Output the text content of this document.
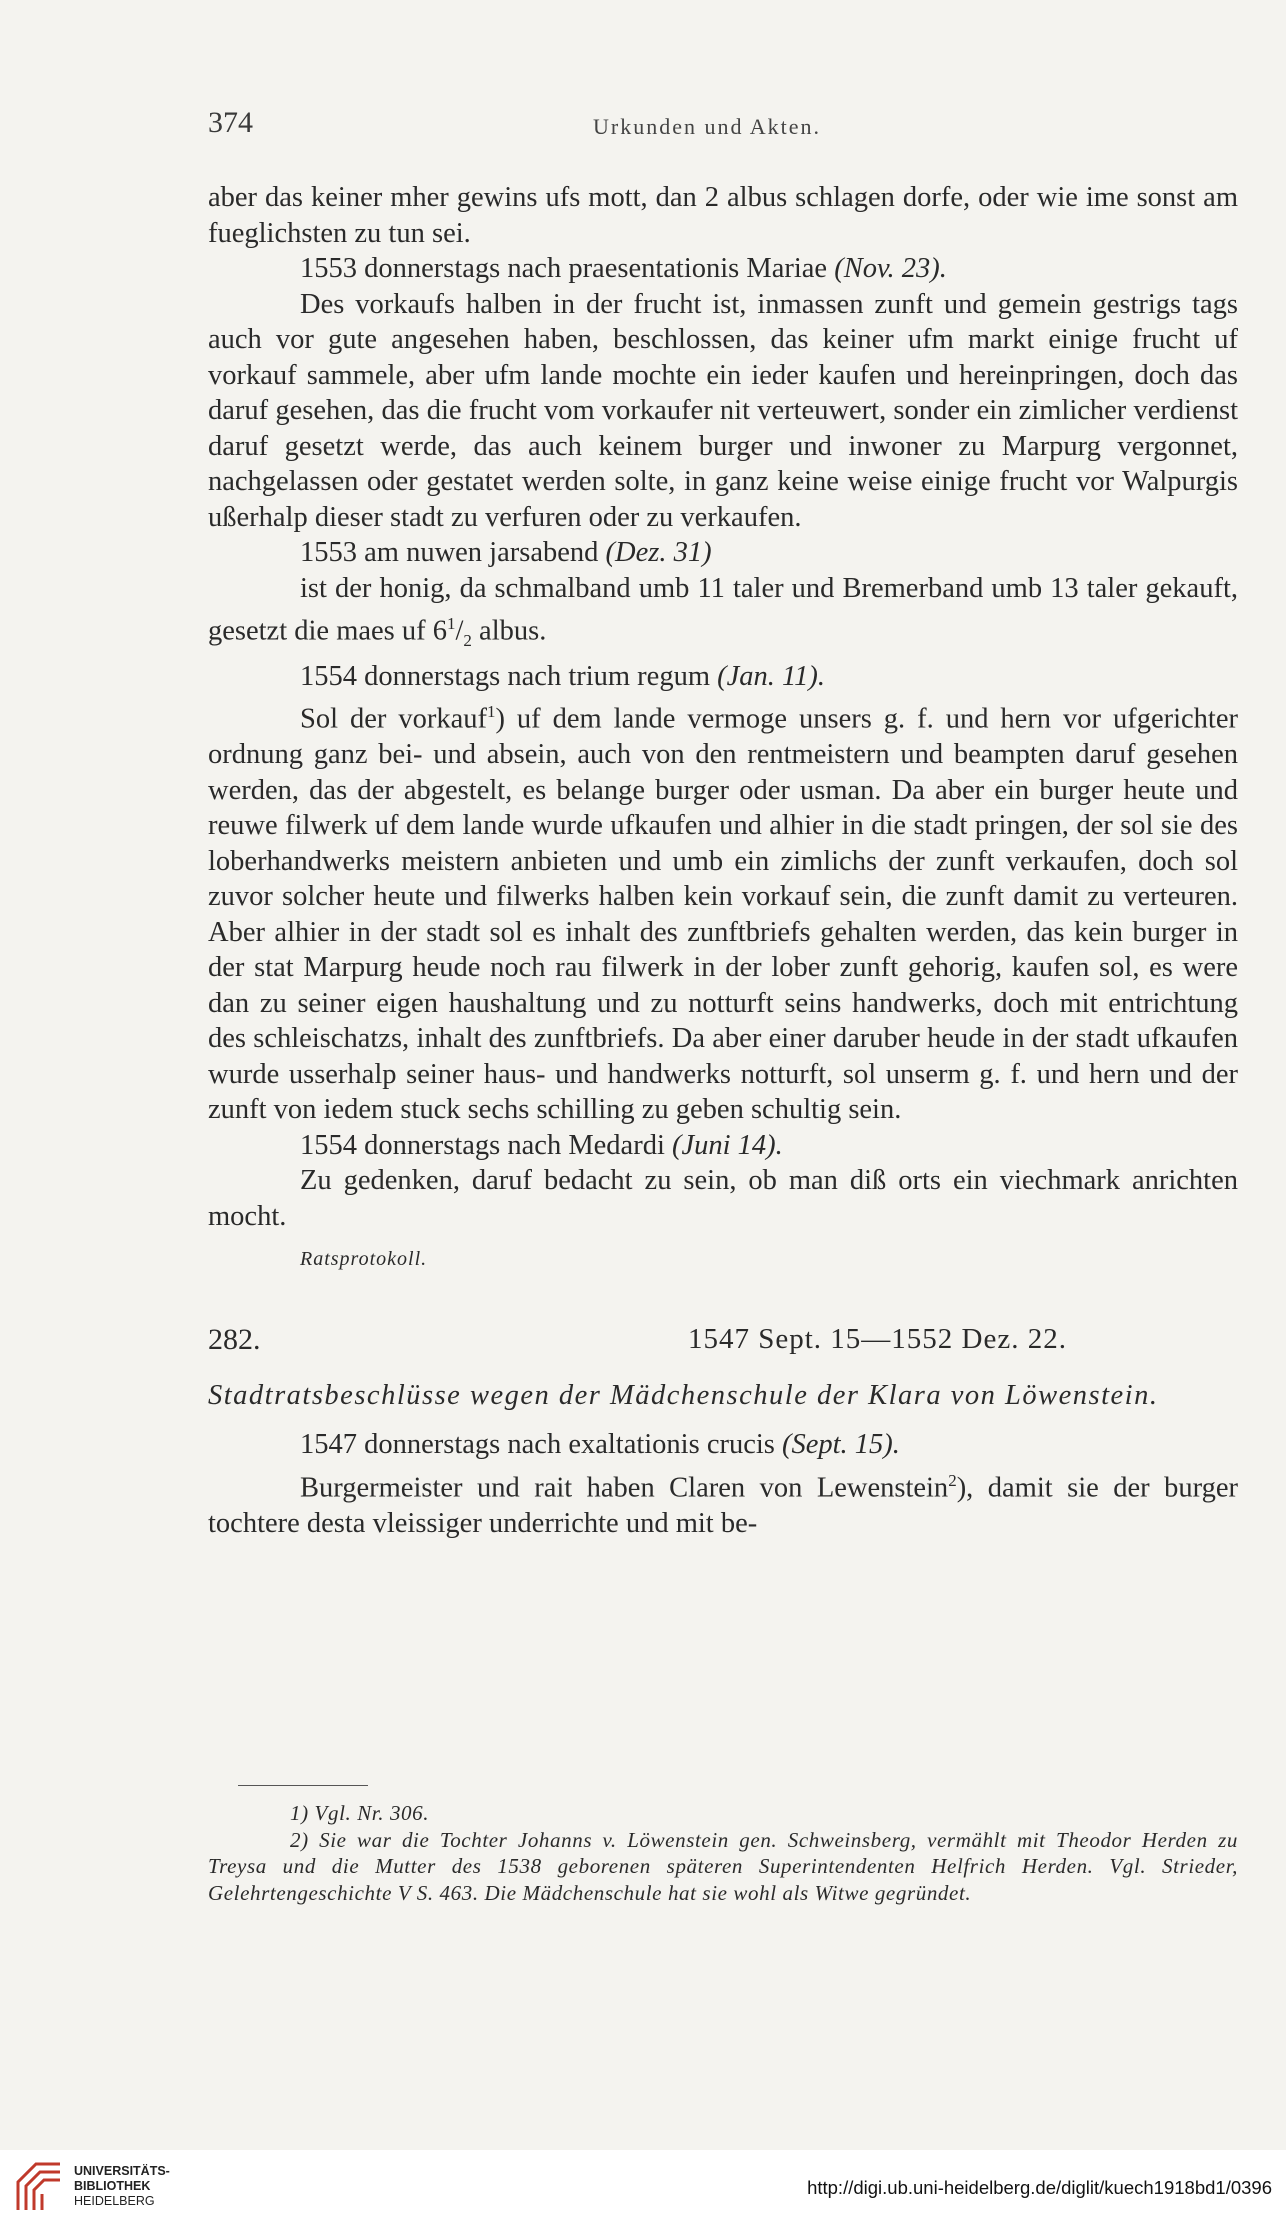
374	Urkunden und Akten.

aber das keiner mher gewins ufs mott, dan 2 albus schlagen dorfe, oder wie ime sonst am fueglichsten zu tun sei.

1553 donnerstags nach praesentationis Mariae (Nov. 23).

Des vorkaufs halben in der frucht ist, inmassen zunft und gemein gestrigs tags auch vor gute angesehen haben, beschlossen, das keiner ufm markt einige frucht uf vorkauf sammele, aber ufm lande mochte ein ieder kaufen und hereinpringen, doch das daruf gesehen, das die frucht vom vorkaufer nit verteuwert, sonder ein zimlicher verdienst daruf gesetzt werde, das auch keinem burger und inwoner zu Marpurg vergonnet, nachgelassen oder gestatet werden solte, in ganz keine weise einige frucht vor Walpurgis ußerhalp dieser stadt zu verfuren oder zu verkaufen.

1553 am nuwen jarsabend (Dez. 31)

ist der honig, da schmalband umb 11 taler und Bremerband umb 13 taler gekauft, gesetzt die maes uf $6^1/_2$ albus.

1554 donnerstags nach trium regum (Jan. 11).

Sol der vorkauf$^1$) uf dem lande vermoge unsers g. f. und hern vor ufgerichter ordnung ganz bei- und absein, auch von den rentmeistern und beampten daruf gesehen werden, das der abgestelt, es belange burger oder usman. Da aber ein burger heute und reuwe filwerk uf dem lande wurde ufkaufen und alhier in die stadt pringen, der sol sie des loberhandwerks meistern anbieten und umb ein zimlichs der zunft verkaufen, doch sol zuvor solcher heute und filwerks halben kein vorkauf sein, die zunft damit zu verteuren. Aber alhier in der stadt sol es inhalt des zunftbriefs gehalten werden, das kein burger in der stat Marpurg heude noch rau filwerk in der lober zunft gehorig, kaufen sol, es were dan zu seiner eigen haushaltung und zu notturft seins handwerks, doch mit entrichtung des schleischatzs, inhalt des zunftbriefs. Da aber einer daruber heude in der stadt ufkaufen wurde usserhalp seiner haus- und handwerks notturft, sol unserm g. f. und hern und der zunft von iedem stuck sechs schilling zu geben schultig sein.

1554 donnerstags nach Medardi (Juni 14).

Zu gedenken, daruf bedacht zu sein, ob man diß orts ein viechmark anrichten mocht.

Ratsprotokoll.

282.	1547 Sept. 15—1552 Dez. 22.

Stadtratsbeschlüsse wegen der Mädchenschule der Klara von Löwenstein.

1547 donnerstags nach exaltationis crucis (Sept. 15).

Burgermeister und rait haben Claren von Lewenstein$^2$), damit sie der burger tochtere desta vleissiger underrichte und mit be-

1) Vgl. Nr. 306.

2) Sie war die Tochter Johanns v. Löwenstein gen. Schweinsberg, vermählt mit Theodor Herden zu Treysa und die Mutter des 1538 geborenen späteren Superintendenten Helfrich Herden. Vgl. Strieder, Gelehrtengeschichte V S. 463. Die Mädchenschule hat sie wohl als Witwe gegründet.

UNIVERSITÄTS-
BIBLIOTHEK
HEIDELBERG
http://digi.ub.uni-heidelberg.de/diglit/kuech1918bd1/0396
